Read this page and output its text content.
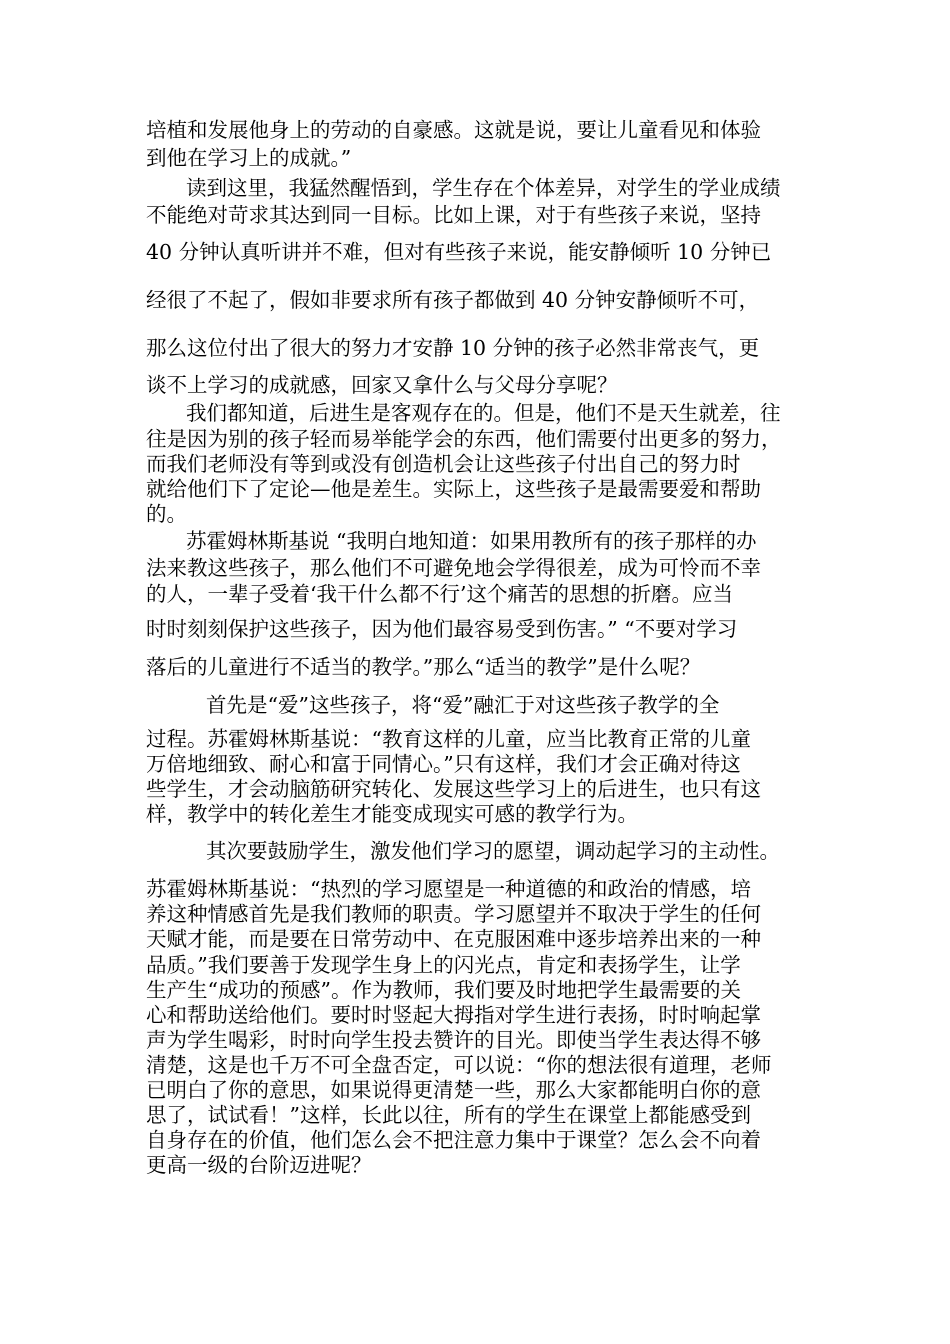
培植和发展他身上的劳动的自豪感。这就是说，要让儿童看见和体验
到他在学习上的成就。”
读到这里，我猛然醒悟到，学生存在个体差异，对学生的学业成绩
不能绝对苛求其达到同一目标。比如上课，对于有些孩子来说，坚持
40 分钟认真听讲并不难，但对有些孩子来说，能安静倾听 10 分钟已
经很了不起了，假如非要求所有孩子都做到 40 分钟安静倾听不可，
那么这位付出了很大的努力才安静 10 分钟的孩子必然非常丧气，更
谈不上学习的成就感，回家又拿什么与父母分享呢？
我们都知道，后进生是客观存在的。但是，他们不是天生就差，往
往是因为别的孩子轻而易举能学会的东西，他们需要付出更多的努力，
而我们老师没有等到或没有创造机会让这些孩子付出自己的努力时
就给他们下了定论—他是差生。实际上，这些孩子是最需要爱和帮助
的。
苏霍姆林斯基说 “我明白地知道：如果用教所有的孩子那样的办
法来教这些孩子，那么他们不可避免地会学得很差，成为可怜而不幸
的人，一辈子受着‘我干什么都不行’这个痛苦的思想的折磨。应当
时时刻刻保护这些孩子，因为他们最容易受到伤害。” “不要对学习
落后的儿童进行不适当的教学。”那么“适当的教学”是什么呢？
首先是“爱”这些孩子，将“爱”融汇于对这些孩子教学的全
过程。苏霍姆林斯基说：“教育这样的儿童，应当比教育正常的儿童
万倍地细致、耐心和富于同情心。”只有这样，我们才会正确对待这
些学生，才会动脑筋研究转化、发展这些学习上的后进生，也只有这
样，教学中的转化差生才能变成现实可感的教学行为。
其次要鼓励学生，激发他们学习的愿望，调动起学习的主动性。
苏霍姆林斯基说：“热烈的学习愿望是一种道德的和政治的情感，培
养这种情感首先是我们教师的职责。学习愿望并不取决于学生的任何
天赋才能，而是要在日常劳动中、在克服困难中逐步培养出来的一种
品质。”我们要善于发现学生身上的闪光点，肯定和表扬学生，让学
生产生“成功的预感”。作为教师，我们要及时地把学生最需要的关
心和帮助送给他们。要时时竖起大拇指对学生进行表扬，时时响起掌
声为学生喝彩，时时向学生投去赞许的目光。即使当学生表达得不够
清楚，这是也千万不可全盘否定，可以说：“你的想法很有道理，老师
已明白了你的意思，如果说得更清楚一些，那么大家都能明白你的意
思了，试试看！”这样，长此以往，所有的学生在课堂上都能感受到
自身存在的价值，他们怎么会不把注意力集中于课堂？怎么会不向着
更高一级的台阶迈进呢？
